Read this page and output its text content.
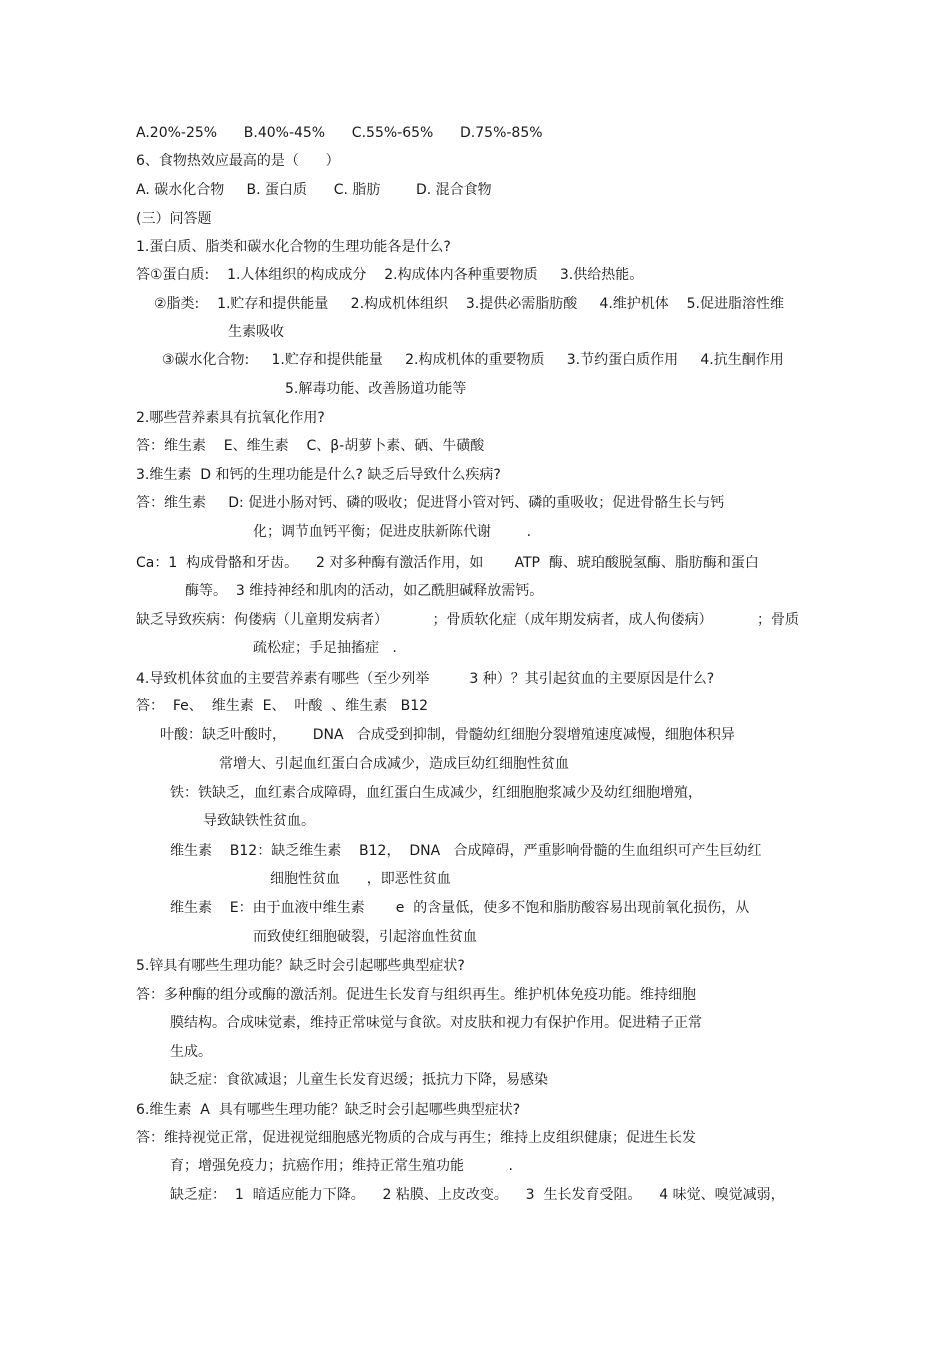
A.20%-25%      B.40%-45%      C.55%-65%      D.75%-85%
6、食物热效应最高的是（      ）
A. 碳水化合物     B. 蛋白质      C. 脂肪        D. 混合食物
(三）问答题
1.蛋白质、脂类和碳水化合物的生理功能各是什么?
答①蛋白质:    1.人体组织的构成成分    2.构成体内各种重要物质     3.供给热能。
②脂类:    1.贮存和提供能量     2.构成机体组织    3.提供必需脂肪酸     4.维护机体    5.促进脂溶性维
生素吸收
③碳水化合物:     1.贮存和提供能量     2.构成机体的重要物质     3.节约蛋白质作用     4.抗生酮作用
5.解毒功能、改善肠道功能等
2.哪些营养素具有抗氧化作用?
答：维生素    E、维生素    C、β-胡萝卜素、硒、牛磺酸
3.维生素  D 和钙的生理功能是什么? 缺乏后导致什么疾病?
答：维生素     D: 促进小肠对钙、磷的吸收；促进肾小管对钙、磷的重吸收；促进骨骼生长与钙
化；调节血钙平衡；促进皮肤新陈代谢        .
Ca：1  构成骨骼和牙齿。    2 对多种酶有激活作用，如       ATP  酶、琥珀酸脱氢酶、脂肪酶和蛋白
酶等。  3 维持神经和肌肉的活动，如乙酰胆碱释放需钙。
缺乏导致疾病：佝偻病（儿童期发病者）          ；骨质软化症（成年期发病者，成人佝偻病）          ；骨质
疏松症；手足抽搐症   .
4.导致机体贫血的主要营养素有哪些（至少列举         3 种）？其引起贫血的主要原因是什么?
答：  Fe、  维生素  E、  叶酸  、维生素   B12
叶酸：缺乏叶酸时，      DNA   合成受到抑制，骨髓幼红细胞分裂增殖速度减慢，细胞体积异
常增大、引起血红蛋白合成减少，造成巨幼红细胞性贫血
铁：铁缺乏，血红素合成障碍，血红蛋白生成减少，红细胞胞浆减少及幼红细胞增殖，
导致缺铁性贫血。
维生素    B12：缺乏维生素    B12，  DNA   合成障碍，严重影响骨髓的生血组织可产生巨幼红
细胞性贫血      ，即恶性贫血
维生素    E：由于血液中维生素       e  的含量低，使多不饱和脂肪酸容易出现前氧化损伤，从
而致使红细胞破裂，引起溶血性贫血
5.锌具有哪些生理功能？缺乏时会引起哪些典型症状?
答：多种酶的组分或酶的激活剂。促进生长发育与组织再生。维护机体免疫功能。维持细胞
膜结构。合成味觉素，维持正常味觉与食欲。对皮肤和视力有保护作用。促进精子正常
生成。
缺乏症：食欲减退；儿童生长发育迟缓；抵抗力下降，易感染
6.维生素  A  具有哪些生理功能？缺乏时会引起哪些典型症状?
答：维持视觉正常，促进视觉细胞感光物质的合成与再生；维持上皮组织健康；促进生长发
育；增强免疫力；抗癌作用；维持正常生殖功能          .
缺乏症：  1  暗适应能力下降。    2 粘膜、上皮改变。    3  生长发育受阻。    4 味觉、嗅觉减弱，
